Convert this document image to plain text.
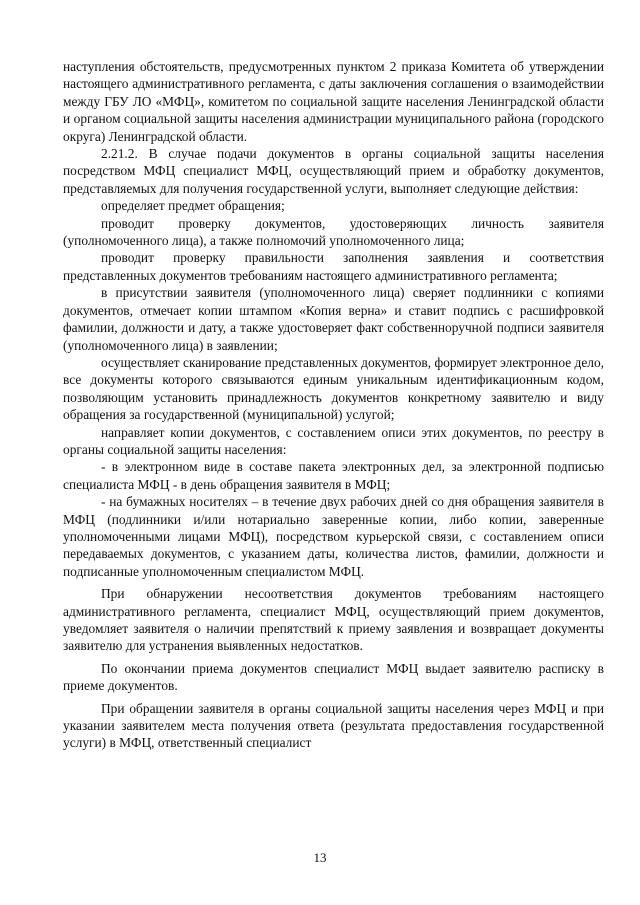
наступления обстоятельств, предусмотренных пунктом 2 приказа Комитета об утверждении настоящего административного регламента, с даты заключения соглашения о взаимодействии между ГБУ ЛО «МФЦ», комитетом по социальной защите населения Ленинградской области и органом социальной защиты населения администрации муниципального района (городского округа) Ленинградской области.

2.21.2. В случае подачи документов в органы социальной защиты населения посредством МФЦ специалист МФЦ, осуществляющий прием и обработку документов, представляемых для получения государственной услуги, выполняет следующие действия:

определяет предмет обращения;

проводит проверку документов, удостоверяющих личность заявителя (уполномоченного лица), а также полномочий уполномоченного лица;

проводит проверку правильности заполнения заявления и соответствия представленных документов требованиям настоящего административного регламента;

в присутствии заявителя (уполномоченного лица) сверяет подлинники с копиями документов, отмечает копии штампом «Копия верна» и ставит подпись с расшифровкой фамилии, должности и дату, а также удостоверяет факт собственноручной подписи заявителя (уполномоченного лица) в заявлении;

осуществляет сканирование представленных документов, формирует электронное дело, все документы которого связываются единым уникальным идентификационным кодом, позволяющим установить принадлежность документов конкретному заявителю и виду обращения за государственной (муниципальной) услугой;

направляет копии документов, с составлением описи этих документов, по реестру в органы социальной защиты населения:

- в электронном виде в составе пакета электронных дел, за электронной подписью специалиста МФЦ - в день обращения заявителя в МФЦ;

- на бумажных носителях – в течение двух рабочих дней со дня обращения заявителя в МФЦ (подлинники и/или нотариально заверенные копии, либо копии, заверенные уполномоченными лицами МФЦ), посредством курьерской связи, с составлением описи передаваемых документов, с указанием даты, количества листов, фамилии, должности и подписанные уполномоченным специалистом МФЦ.

При обнаружении несоответствия документов требованиям настоящего административного регламента, специалист МФЦ, осуществляющий прием документов, уведомляет заявителя о наличии препятствий к приему заявления и возвращает документы заявителю для устранения выявленных недостатков.

По окончании приема документов специалист МФЦ выдает заявителю расписку в приеме документов.

При обращении заявителя в органы социальной защиты населения через МФЦ и при указании заявителем места получения ответа (результата предоставления государственной услуги) в МФЦ, ответственный специалист

13
